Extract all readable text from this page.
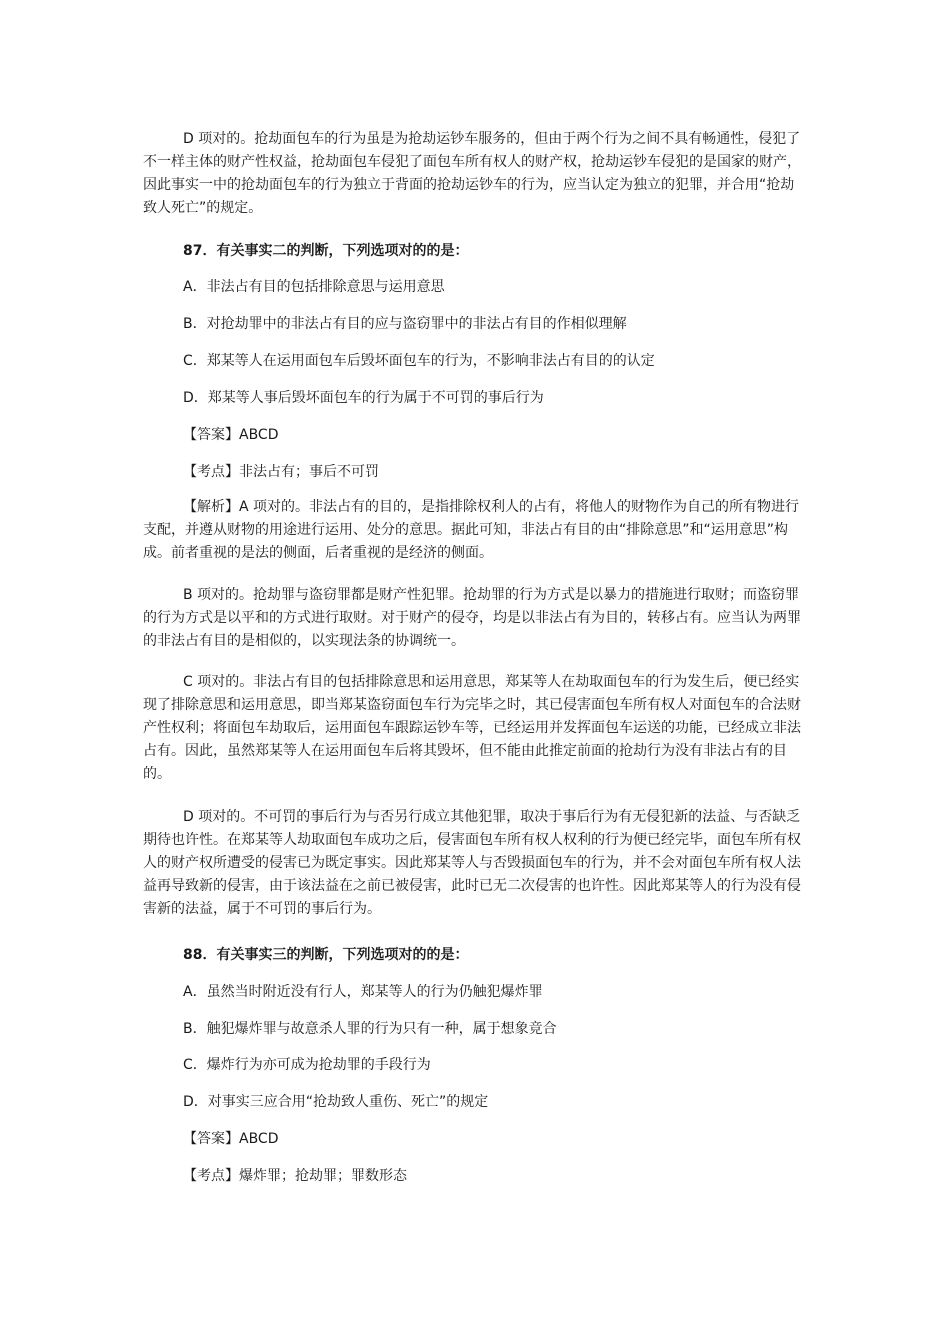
D 项对的。抢劫面包车的行为虽是为抢劫运钞车服务的，但由于两个行为之间不具有畅通性，侵犯了不一样主体的财产性权益，抢劫面包车侵犯了面包车所有权人的财产权，抢劫运钞车侵犯的是国家的财产，因此事实一中的抢劫面包车的行为独立于背面的抢劫运钞车的行为，应当认定为独立的犯罪，并合用“抢劫致人死亡”的规定。

87．有关事实二的判断，下列选项对的的是：

A．非法占有目的包括排除意思与运用意思

B．对抢劫罪中的非法占有目的应与盗窃罪中的非法占有目的作相似理解

C．郑某等人在运用面包车后毁坏面包车的行为，不影响非法占有目的的认定

D．郑某等人事后毁坏面包车的行为属于不可罚的事后行为

【答案】ABCD

【考点】非法占有；事后不可罚

【解析】A 项对的。非法占有的目的，是指排除权利人的占有，将他人的财物作为自己的所有物进行支配，并遵从财物的用途进行运用、处分的意思。据此可知，非法占有目的由“排除意思”和“运用意思”构成。前者重视的是法的侧面，后者重视的是经济的侧面。

B 项对的。抢劫罪与盗窃罪都是财产性犯罪。抢劫罪的行为方式是以暴力的措施进行取财；而盗窃罪的行为方式是以平和的方式进行取财。对于财产的侵夺，均是以非法占有为目的，转移占有。应当认为两罪的非法占有目的是相似的，以实现法条的协调统一。

C 项对的。非法占有目的包括排除意思和运用意思，郑某等人在劫取面包车的行为发生后，便已经实现了排除意思和运用意思，即当郑某盗窃面包车行为完毕之时，其已侵害面包车所有权人对面包车的合法财产性权利；将面包车劫取后，运用面包车跟踪运钞车等，已经运用并发挥面包车运送的功能，已经成立非法占有。因此，虽然郑某等人在运用面包车后将其毁坏，但不能由此推定前面的抢劫行为没有非法占有的目的。

D 项对的。不可罚的事后行为与否另行成立其他犯罪，取决于事后行为有无侵犯新的法益、与否缺乏期待也许性。在郑某等人劫取面包车成功之后，侵害面包车所有权人权利的行为便已经完毕，面包车所有权人的财产权所遭受的侵害已为既定事实。因此郑某等人与否毁损面包车的行为，并不会对面包车所有权人法益再导致新的侵害，由于该法益在之前已被侵害，此时已无二次侵害的也许性。因此郑某等人的行为没有侵害新的法益，属于不可罚的事后行为。

88．有关事实三的判断，下列选项对的的是：

A．虽然当时附近没有行人，郑某等人的行为仍触犯爆炸罪

B．触犯爆炸罪与故意杀人罪的行为只有一种，属于想象竞合

C．爆炸行为亦可成为抢劫罪的手段行为

D．对事实三应合用“抢劫致人重伤、死亡”的规定

【答案】ABCD

【考点】爆炸罪；抢劫罪；罪数形态
